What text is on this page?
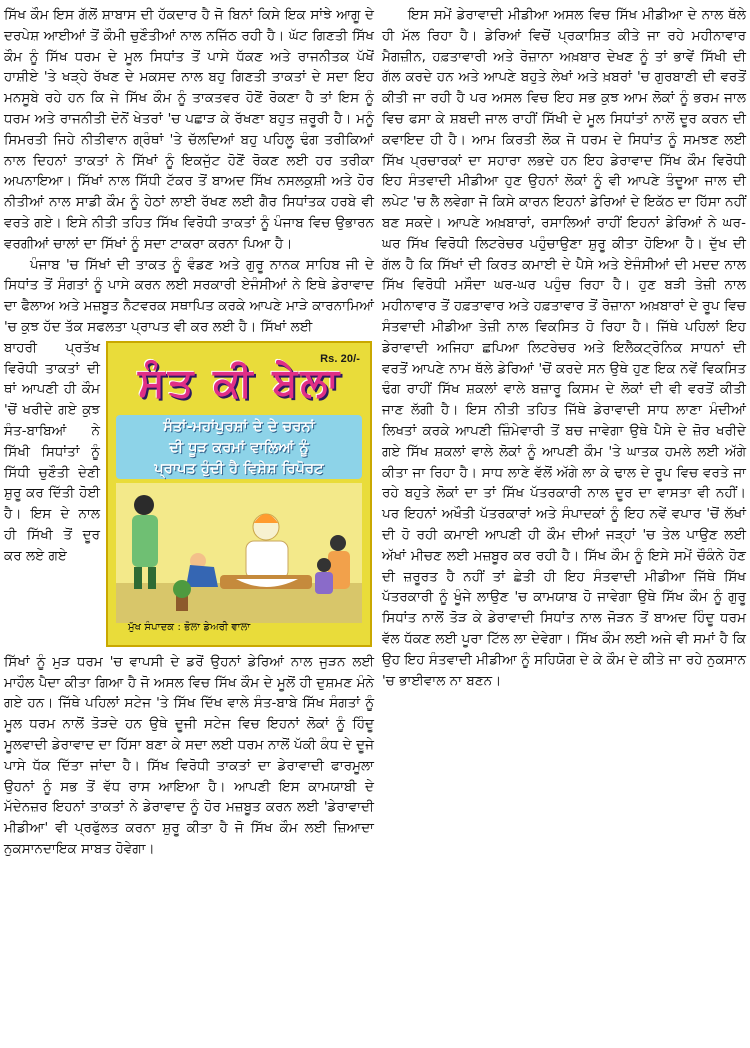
ਸਿੱਖ ਕੌਮ ਇਸ ਗੱਲੋਂ ਸ਼ਾਬਾਸ ਦੀ ਹੱਕਦਾਰ ਹੈ ਜੋ ਬਿਨਾਂ ਕਿਸੇ ਇਕ ਸਾਂਝੇ ਆਗੂ ਦੇ ਦਰਪੇਸ਼ ਆਈਆਂ ਤੋਂ ਕੌਮੀ ਚੁਣੌਤੀਆਂ ਨਾਲ ਨਜਿੱਠ ਰਹੀ ਹੈ। ਘੱਟ ਗਿਣਤੀ ਸਿੱਖ ਕੌਮ ਨੂੰ ਸਿੱਖ ਧਰਮ ਦੇ ਮੂਲ ਸਿਧਾਂਤ ਤੋਂ ਪਾਸੇ ਧੱਕਣ ਅਤੇ ਰਾਜਨੀਤਕ ਪੱਖੋਂ ਹਾਸ਼ੀਏ 'ਤੇ ਖੜ੍ਹੇ ਰੱਖਣ ਦੇ ਮਕਸਦ ਨਾਲ ਬਹੁ ਗਿਣਤੀ ਤਾਕਤਾਂ ਦੇ ਸਦਾ ਇਹ ਮਨਸੂਬੇ ਰਹੇ ਹਨ ਕਿ ਜੇ ਸਿੱਖ ਕੌਮ ਨੂੰ ਤਾਕਤਵਰ ਹੋਣੋਂ ਰੋਕਣਾ ਹੈ ਤਾਂ ਇਸ ਨੂੰ ਧਰਮ ਅਤੇ ਰਾਜਨੀਤੀ ਦੋਨੋਂ ਖੇਤਰਾਂ 'ਚ ਪਛਾੜ ਕੇ ਰੱਖਣਾ ਬਹੁਤ ਜ਼ਰੂਰੀ ਹੈ। ਮਨੂੰ ਸਿਮਰਤੀ ਜਿਹੇ ਨੀਤੀਵਾਨ ਗ੍ਰੰਥਾਂ 'ਤੇ ਚੱਲਦਿਆਂ ਬਹੁ ਪਹਿਲੂ ਢੰਗ ਤਰੀਕਿਆਂ ਨਾਲ ਦਿਹਨਾਂ ਤਾਕਤਾਂ ਨੇ ਸਿੱਖਾਂ ਨੂੰ ਇਕਜੁੱਟ ਹੋਣੋਂ ਰੋਕਣ ਲਈ ਹਰ ਤਰੀਕਾ ਅਪਨਾਇਆ। ਸਿੱਖਾਂ ਨਾਲ ਸਿੱਧੀ ਟੱਕਰ ਤੋਂ ਬਾਅਦ ਸਿੱਖ ਨਸਲਕੁਸ਼ੀ ਅਤੇ ਹੋਰ ਨੀਤੀਆਂ ਨਾਲ ਸਾਡੀ ਕੌਮ ਨੂੰ ਹੇਠਾਂ ਲਾਈ ਰੱਖਣ ਲਈ ਗੈਰ ਸਿਧਾਂਤਕ ਹਰਬੇ ਵੀ ਵਰਤੇ ਗਏ। ਇਸੇ ਨੀਤੀ ਤਹਿਤ ਸਿੱਖ ਵਿਰੋਧੀ ਤਾਕਤਾਂ ਨੂੰ ਪੰਜਾਬ ਵਿਚ ਉਭਾਰਨ ਵਰਗੀਆਂ ਚਾਲਾਂ ਦਾ ਸਿੱਖਾਂ ਨੂੰ ਸਦਾ ਟਾਕਰਾ ਕਰਨਾ ਪਿਆ ਹੈ।

ਪੰਜਾਬ 'ਚ ਸਿੱਖਾਂ ਦੀ ਤਾਕਤ ਨੂੰ ਵੰਡਣ ਅਤੇ ਗੁਰੂ ਨਾਨਕ ਸਾਹਿਬ ਜੀ ਦੇ ਸਿਧਾਂਤ ਤੋਂ ਸੰਗਤਾਂ ਨੂੰ ਪਾਸੇ ਕਰਨ ਲਈ ਸਰਕਾਰੀ ਏਜੰਸੀਆਂ ਨੇ ਇਥੇ ਡੇਰਾਵਾਦ ਦਾ ਫੈਲਾਅ ਅਤੇ ਮਜ਼ਬੂਤ ਨੈਟਵਰਕ ਸਥਾਪਿਤ ਕਰਕੇ ਆਪਣੇ ਮਾੜੇ ਕਾਰਨਾਮਿਆਂ 'ਚ ਕੁਝ ਹੱਦ ਤੱਕ ਸਫਲਤਾ ਪ੍ਰਾਪਤ ਵੀ ਕਰ ਲਈ ਹੈ। ਸਿੱਖਾਂ ਲਈ

ਬਾਹਰੀ ਪ੍ਰਤੱਖ ਵਿਰੋਧੀ ਤਾਕਤਾਂ ਦੀ ਥਾਂ ਆਪਣੀ ਹੀ ਕੌਮ 'ਚੋਂ ਖਰੀਦੇ ਗਏ ਕੁਝ ਸੰਤ-ਬਾਬਿਆਂ ਨੇ ਸਿੱਖੀ ਸਿਧਾਂਤਾਂ ਨੂੰ ਸਿੱਧੀ ਚੁਣੌਤੀ ਦੇਣੀ ਸ਼ੁਰੂ ਕਰ ਦਿੱਤੀ ਹੋਈ ਹੈ। ਇਸ ਦੇ ਨਾਲ ਹੀ ਸਿੱਖੀ ਤੋਂ ਦੂਰ ਕਰ ਲਏ ਗਏ
Rs. 20/-
ਸੰਤ ਕੀ ਬੇਲਾ
ਸੰਤਾਂ-ਮਹਾਂਪੁਰਸ਼ਾਂ ਦੇ ਦੇ ਚਰਨਾਂ
ਦੀ ਧੂੜ ਕਰਮਾਂ ਵਾਲਿਆਂ ਨੂੰ
ਪ੍ਰਾਪਤ ਹੁੰਦੀ ਹੈ ਵਿਸ਼ੇਸ਼ ਰਿਪੋਰਟ
ਮੁੱਖ ਸੰਪਾਦਕ : ਭੋਲਾ ਡੇਅਰੀ ਵਾਲਾ

ਸਿੱਖਾਂ ਨੂੰ ਮੁੜ ਧਰਮ 'ਚ ਵਾਪਸੀ ਦੇ ਡਰੋਂ ਉਹਨਾਂ ਡੇਰਿਆਂ ਨਾਲ ਜੁੜਨ ਲਈ ਮਾਹੌਲ ਪੈਦਾ ਕੀਤਾ ਗਿਆ ਹੈ ਜੋ ਅਸਲ ਵਿਚ ਸਿੱਖ ਕੌਮ ਦੇ ਮੂਲੋਂ ਹੀ ਦੁਸ਼ਮਣ ਮੰਨੇ ਗਏ ਹਨ। ਜਿੱਥੇ ਪਹਿਲਾਂ ਸਟੇਜ 'ਤੇ ਸਿੱਖ ਦਿੱਖ ਵਾਲੇ ਸੰਤ-ਬਾਬੇ ਸਿੱਖ ਸੰਗਤਾਂ ਨੂੰ ਮੂਲ ਧਰਮ ਨਾਲੋਂ ਤੋੜਦੇ ਹਨ ਉਥੇ ਦੂਜੀ ਸਟੇਜ ਵਿਚ ਇਹਨਾਂ ਲੋਕਾਂ ਨੂੰ ਹਿੰਦੂ ਮੂਲਵਾਦੀ ਡੇਰਾਵਾਦ ਦਾ ਹਿੱਸਾ ਬਣਾ ਕੇ ਸਦਾ ਲਈ ਧਰਮ ਨਾਲੋਂ ਪੱਕੀ ਕੰਧ ਦੇ ਦੂਜੇ ਪਾਸੇ ਧੱਕ ਦਿੱਤਾ ਜਾਂਦਾ ਹੈ। ਸਿੱਖ ਵਿਰੋਧੀ ਤਾਕਤਾਂ ਦਾ ਡੇਰਾਵਾਦੀ ਫਾਰਮੂਲਾ ਉਹਨਾਂ ਨੂੰ ਸਭ ਤੋਂ ਵੱਧ ਰਾਸ ਆਇਆ ਹੈ। ਆਪਣੀ ਇਸ ਕਾਮਯਾਬੀ ਦੇ ਮੱਦੇਨਜ਼ਰ ਇਹਨਾਂ ਤਾਕਤਾਂ ਨੇ ਡੇਰਾਵਾਦ ਨੂੰ ਹੋਰ ਮਜ਼ਬੂਤ ਕਰਨ ਲਈ 'ਡੇਰਾਵਾਦੀ ਮੀਡੀਆ' ਵੀ ਪ੍ਰਫੁੱਲਤ ਕਰਨਾ ਸ਼ੁਰੂ ਕੀਤਾ ਹੈ ਜੋ ਸਿੱਖ ਕੌਮ ਲਈ ਜ਼ਿਆਦਾ ਨੁਕਸਾਨਦਾਇਕ ਸਾਬਤ ਹੋਵੇਗਾ।

ਇਸ ਸਮੇਂ ਡੇਰਾਵਾਦੀ ਮੀਡੀਆ ਅਸਲ ਵਿਚ ਸਿੱਖ ਮੀਡੀਆ ਦੇ ਨਾਲ ਥੱਲੇ ਹੀ ਮੱਲ ਰਿਹਾ ਹੈ। ਡੇਰਿਆਂ ਵਿਚੋਂ ਪ੍ਰਕਾਸ਼ਿਤ ਕੀਤੇ ਜਾ ਰਹੇ ਮਹੀਨਾਵਾਰ ਮੈਗਜ਼ੀਨ, ਹਫ਼ਤਾਵਾਰੀ ਅਤੇ ਰੋਜ਼ਾਨਾ ਅਖ਼ਬਾਰ ਦੇਖਣ ਨੂੰ ਤਾਂ ਭਾਵੇਂ ਸਿੱਖੀ ਦੀ ਗੱਲ ਕਰਦੇ ਹਨ ਅਤੇ ਆਪਣੇ ਬਹੁਤੇ ਲੇਖਾਂ ਅਤੇ ਖ਼ਬਰਾਂ 'ਚ ਗੁਰਬਾਣੀ ਦੀ ਵਰਤੋਂ ਕੀਤੀ ਜਾ ਰਹੀ ਹੈ ਪਰ ਅਸਲ ਵਿਚ ਇਹ ਸਭ ਕੁਝ ਆਮ ਲੋਕਾਂ ਨੂੰ ਭਰਮ ਜਾਲ ਵਿਚ ਫਸਾ ਕੇ ਸ਼ਬਦੀ ਜਾਲ ਰਾਹੀਂ ਸਿੱਖੀ ਦੇ ਮੂਲ ਸਿਧਾਂਤਾਂ ਨਾਲੋਂ ਦੂਰ ਕਰਨ ਦੀ ਕਵਾਇਦ ਹੀ ਹੈ। ਆਮ ਕਿਰਤੀ ਲੋਕ ਜੋ ਧਰਮ ਦੇ ਸਿਧਾਂਤ ਨੂੰ ਸਮਝਣ ਲਈ ਸਿੱਖ ਪ੍ਰਚਾਰਕਾਂ ਦਾ ਸਹਾਰਾ ਲਭਦੇ ਹਨ ਇਹ ਡੇਰਾਵਾਦ ਸਿੱਖ ਕੌਮ ਵਿਰੋਧੀ ਇਹ ਸੰਤਵਾਦੀ ਮੀਡੀਆ ਹੁਣ ਉਹਨਾਂ ਲੋਕਾਂ ਨੂੰ ਵੀ ਆਪਣੇ ਤੰਦੂਆ ਜਾਲ ਦੀ ਲਪੇਟ 'ਚ ਲੈ ਲਵੇਗਾ ਜੋ ਕਿਸੇ ਕਾਰਨ ਇਹਨਾਂ ਡੇਰਿਆਂ ਦੇ ਇਕੱਠ ਦਾ ਹਿੱਸਾ ਨਹੀਂ ਬਣ ਸਕਦੇ। ਆਪਣੇ ਅਖ਼ਬਾਰਾਂ, ਰਸਾਲਿਆਂ ਰਾਹੀਂ ਇਹਨਾਂ ਡੇਰਿਆਂ ਨੇ ਘਰ-ਘਰ ਸਿੱਖ ਵਿਰੋਧੀ ਲਿਟਰੇਚਰ ਪਹੁੰਚਾਉਣਾ ਸ਼ੁਰੂ ਕੀਤਾ ਹੋਇਆ ਹੈ। ਦੁੱਖ ਦੀ ਗੱਲ ਹੈ ਕਿ ਸਿੱਖਾਂ ਦੀ ਕਿਰਤ ਕਮਾਈ ਦੇ ਪੈਸੇ ਅਤੇ ਏਜੰਸੀਆਂ ਦੀ ਮਦਦ ਨਾਲ ਸਿੱਖ ਵਿਰੋਧੀ ਮਸੌਦਾ ਘਰ-ਘਰ ਪਹੁੰਚ ਰਿਹਾ ਹੈ। ਹੁਣ ਬੜੀ ਤੇਜ਼ੀ ਨਾਲ ਮਹੀਨਾਵਾਰ ਤੋਂ ਹਫ਼ਤਾਵਾਰ ਅਤੇ ਹਫ਼ਤਾਵਾਰ ਤੋਂ ਰੋਜ਼ਾਨਾ ਅਖ਼ਬਾਰਾਂ ਦੇ ਰੂਪ ਵਿਚ ਸੰਤਵਾਦੀ ਮੀਡੀਆ ਤੇਜ਼ੀ ਨਾਲ ਵਿਕਸਿਤ ਹੋ ਰਿਹਾ ਹੈ। ਜਿੱਥੇ ਪਹਿਲਾਂ ਇਹ ਡੇਰਾਵਾਦੀ ਅਜਿਹਾ ਛਪਿਆ ਲਿਟਰੇਚਰ ਅਤੇ ਇਲੈਕਟ੍ਰੋਨਿਕ ਸਾਧਨਾਂ ਦੀ ਵਰਤੋਂ ਆਪਣੇ ਨਾਮ ਥੱਲੇ ਡੇਰਿਆਂ 'ਚੋਂ ਕਰਦੇ ਸਨ ਉਥੇ ਹੁਣ ਇਕ ਨਵੇਂ ਵਿਕਸਿਤ ਢੰਗ ਰਾਹੀਂ ਸਿੱਖ ਸ਼ਕਲਾਂ ਵਾਲੇ ਬਜ਼ਾਰੂ ਕਿਸਮ ਦੇ ਲੋਕਾਂ ਦੀ ਵੀ ਵਰਤੋਂ ਕੀਤੀ ਜਾਣ ਲੱਗੀ ਹੈ। ਇਸ ਨੀਤੀ ਤਹਿਤ ਜਿੱਥੇ ਡੇਰਾਵਾਦੀ ਸਾਧ ਲਾਣਾ ਮੰਦੀਆਂ ਲਿਖਤਾਂ ਕਰਕੇ ਆਪਣੀ ਜ਼ਿੰਮੇਵਾਰੀ ਤੋਂ ਬਚ ਜਾਵੇਗਾ ਉਥੇ ਪੈਸੇ ਦੇ ਜ਼ੋਰ ਖਰੀਦੇ ਗਏ ਸਿੱਖ ਸ਼ਕਲਾਂ ਵਾਲੇ ਲੋਕਾਂ ਨੂੰ ਆਪਣੀ ਕੌਮ 'ਤੇ ਘਾਤਕ ਹਮਲੇ ਲਈ ਅੱਗੇ ਕੀਤਾ ਜਾ ਰਿਹਾ ਹੈ। ਸਾਧ ਲਾਣੇ ਵੱਲੋਂ ਅੱਗੇ ਲਾ ਕੇ ਢਾਲ ਦੇ ਰੂਪ ਵਿਚ ਵਰਤੇ ਜਾ ਰਹੇ ਬਹੁਤੇ ਲੋਕਾਂ ਦਾ ਤਾਂ ਸਿੱਖ ਪੱਤਰਕਾਰੀ ਨਾਲ ਦੂਰ ਦਾ ਵਾਸਤਾ ਵੀ ਨਹੀਂ। ਪਰ ਇਹਨਾਂ ਅਖੌਤੀ ਪੱਤਰਕਾਰਾਂ ਅਤੇ ਸੰਪਾਦਕਾਂ ਨੂੰ ਇਹ ਨਵੇਂ ਵਪਾਰ 'ਚੋਂ ਲੱਖਾਂ ਦੀ ਹੋ ਰਹੀ ਕਮਾਈ ਆਪਣੀ ਹੀ ਕੌਮ ਦੀਆਂ ਜੜ੍ਹਾਂ 'ਚ ਤੇਲ ਪਾਉਣ ਲਈ ਅੱਖਾਂ ਮੀਚਣ ਲਈ ਮਜ਼ਬੂਰ ਕਰ ਰਹੀ ਹੈ। ਸਿੱਖ ਕੌਮ ਨੂੰ ਇਸੇ ਸਮੇਂ ਚੌਕੰਨੇ ਹੋਣ ਦੀ ਜ਼ਰੂਰਤ ਹੈ ਨਹੀਂ ਤਾਂ ਛੇਤੀ ਹੀ ਇਹ ਸੰਤਵਾਦੀ ਮੀਡੀਆ ਜਿੱਥੇ ਸਿੱਖ ਪੱਤਰਕਾਰੀ ਨੂੰ ਖੂੰਜੇ ਲਾਉਣ 'ਚ ਕਾਮਯਾਬ ਹੋ ਜਾਵੇਗਾ ਉਥੇ ਸਿੱਖ ਕੌਮ ਨੂੰ ਗੁਰੂ ਸਿਧਾਂਤ ਨਾਲੋਂ ਤੋੜ ਕੇ ਡੇਰਾਵਾਦੀ ਸਿਧਾਂਤ ਨਾਲ ਜੋੜਨ ਤੋਂ ਬਾਅਦ ਹਿੰਦੂ ਧਰਮ ਵੱਲ ਧੱਕਣ ਲਈ ਪੂਰਾ ਟਿੱਲ ਲਾ ਦੇਵੇਗਾ। ਸਿੱਖ ਕੌਮ ਲਈ ਅਜੇ ਵੀ ਸਮਾਂ ਹੈ ਕਿ ਉਹ ਇਹ ਸੰਤਵਾਦੀ ਮੀਡੀਆ ਨੂੰ ਸਹਿਯੋਗ ਦੇ ਕੇ ਕੌਮ ਦੇ ਕੀਤੇ ਜਾ ਰਹੇ ਨੁਕਸਾਨ 'ਚ ਭਾਈਵਾਲ ਨਾ ਬਣਨ।
